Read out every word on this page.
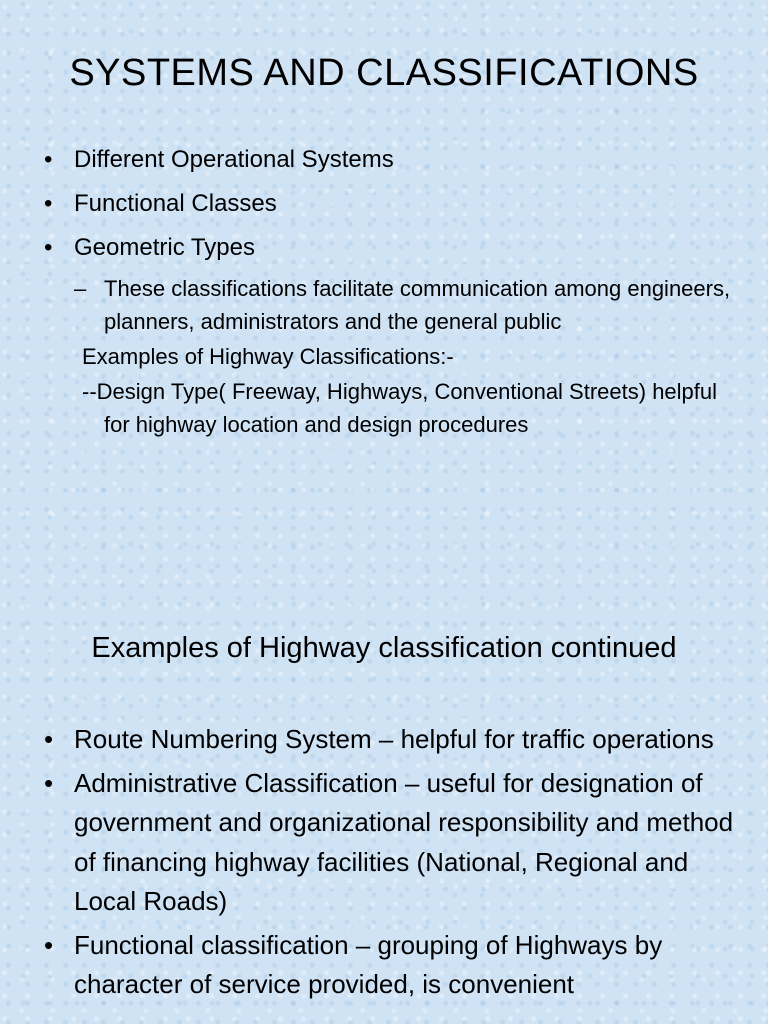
SYSTEMS AND CLASSIFICATIONS
• Different Operational Systems
• Functional Classes
• Geometric Types
– These classifications facilitate communication among engineers, planners, administrators and the general public
Examples of Highway Classifications:-
--Design Type( Freeway, Highways, Conventional Streets) helpful for highway location and design procedures
Examples of Highway classification continued
• Route Numbering System – helpful for traffic operations
• Administrative Classification – useful for designation of government and organizational responsibility and method of financing highway facilities (National, Regional and Local Roads)
• Functional classification – grouping of Highways by character of service provided, is convenient
